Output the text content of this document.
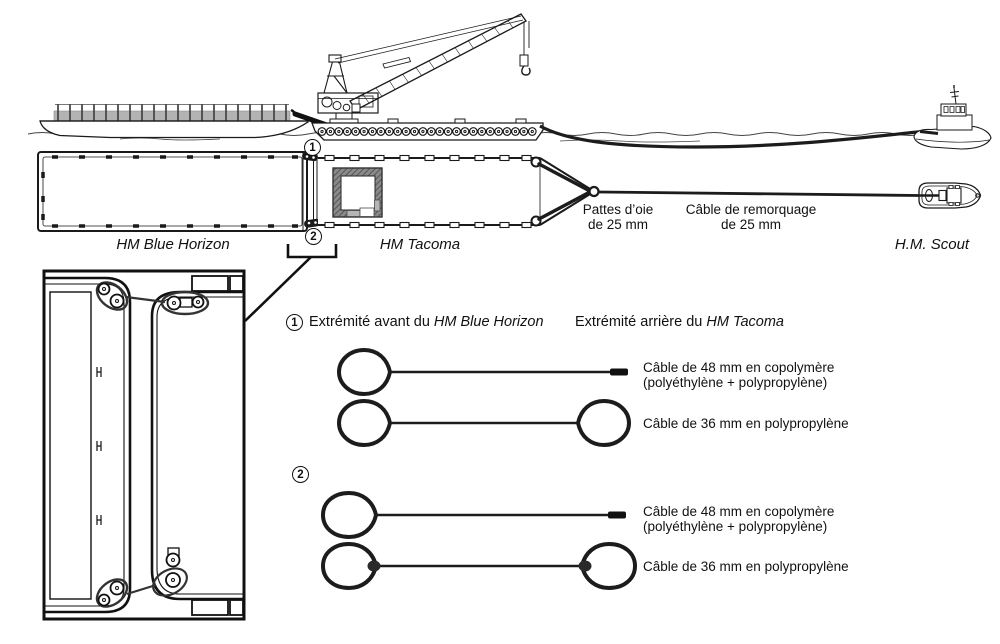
HM Blue Horizon	HM Tacoma	H.M. Scout
Pattes d’oie
de 25 mm
Câble de remorquage
de 25 mm
1
2
1 Extrémité avant du HM Blue Horizon Extrémité arrière du HM Tacoma
2
Câble de 48 mm en copolymère
(polyéthylène + polypropylène)
Câble de 36 mm en polypropylène
Câble de 48 mm en copolymère
(polyéthylène + polypropylène)
Câble de 36 mm en polypropylène
